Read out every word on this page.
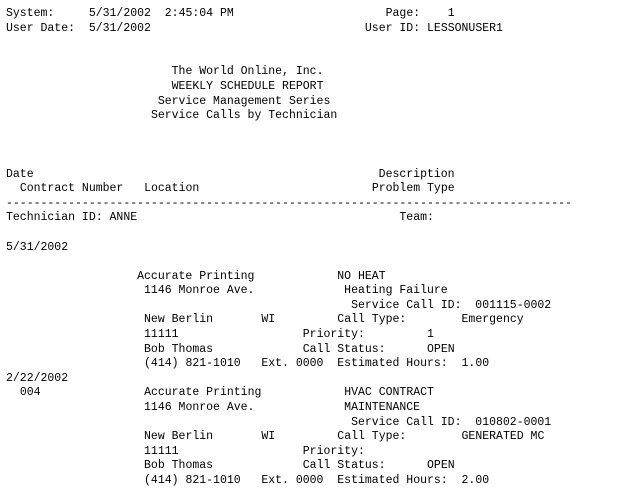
System:	5/31/2002 2:45:04 PM	Page: 1
User Date: 5/31/2002	User ID: LESSONUSER1
The World Online, Inc.
WEEKLY SCHEDULE REPORT
Service Management Series
Service Calls by Technician
Date	Description
Contract Number Location	Problem Type
----------------------------------------------------------------------------------
Technician ID: ANNE	Team:
5/31/2002
Accurate Printing	NO HEAT
1146 Monroe Ave.	Heating Failure
Service Call ID: 001115-0002
New Berlin	WI	Call Type:	Emergency
11111	Priority:	1
Bob Thomas	Call Status:	OPEN
(414) 821-1010   Ext. 0000 Estimated Hours: 1.00
2/22/2002
004	Accurate Printing	HVAC CONTRACT
1146 Monroe Ave.	MAINTENANCE
Service Call ID: 010802-0001
New Berlin	WI	Call Type:	GENERATED MC
11111	Priority:
Bob Thomas	Call Status:	OPEN
(414) 821-1010   Ext. 0000 Estimated Hours: 2.00
